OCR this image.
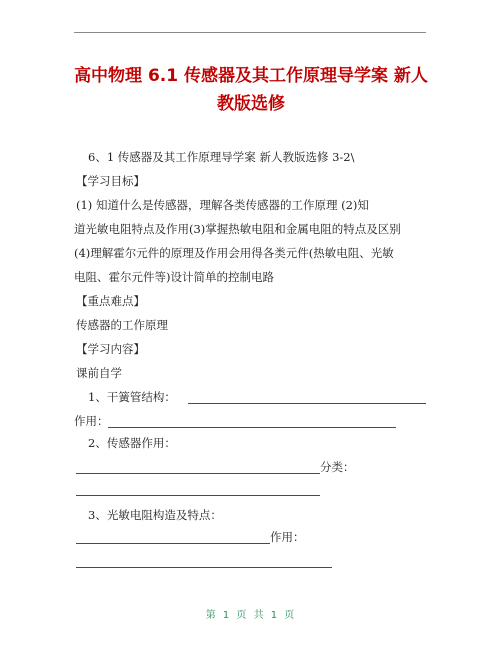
高中物理 6.1 传感器及其工作原理导学案 新人
教版选修
6、1 传感器及其工作原理导学案 新人教版选修 3-2\
【学习目标】
(1) 知道什么是传感器，理解各类传感器的工作原理 (2)知
道光敏电阻特点及作用(3)掌握热敏电阻和金属电阻的特点及区别
(4)理解霍尔元件的原理及作用会用得各类元件(热敏电阻、光敏
电阻、霍尔元件等)设计简单的控制电路
【重点难点】
传感器的工作原理
【学习内容】
课前自学
1、干簧管结构：
作用：
2、传感器作用：
分类：
3、光敏电阻构造及特点：
作用：
第 1 页 共 1 页
